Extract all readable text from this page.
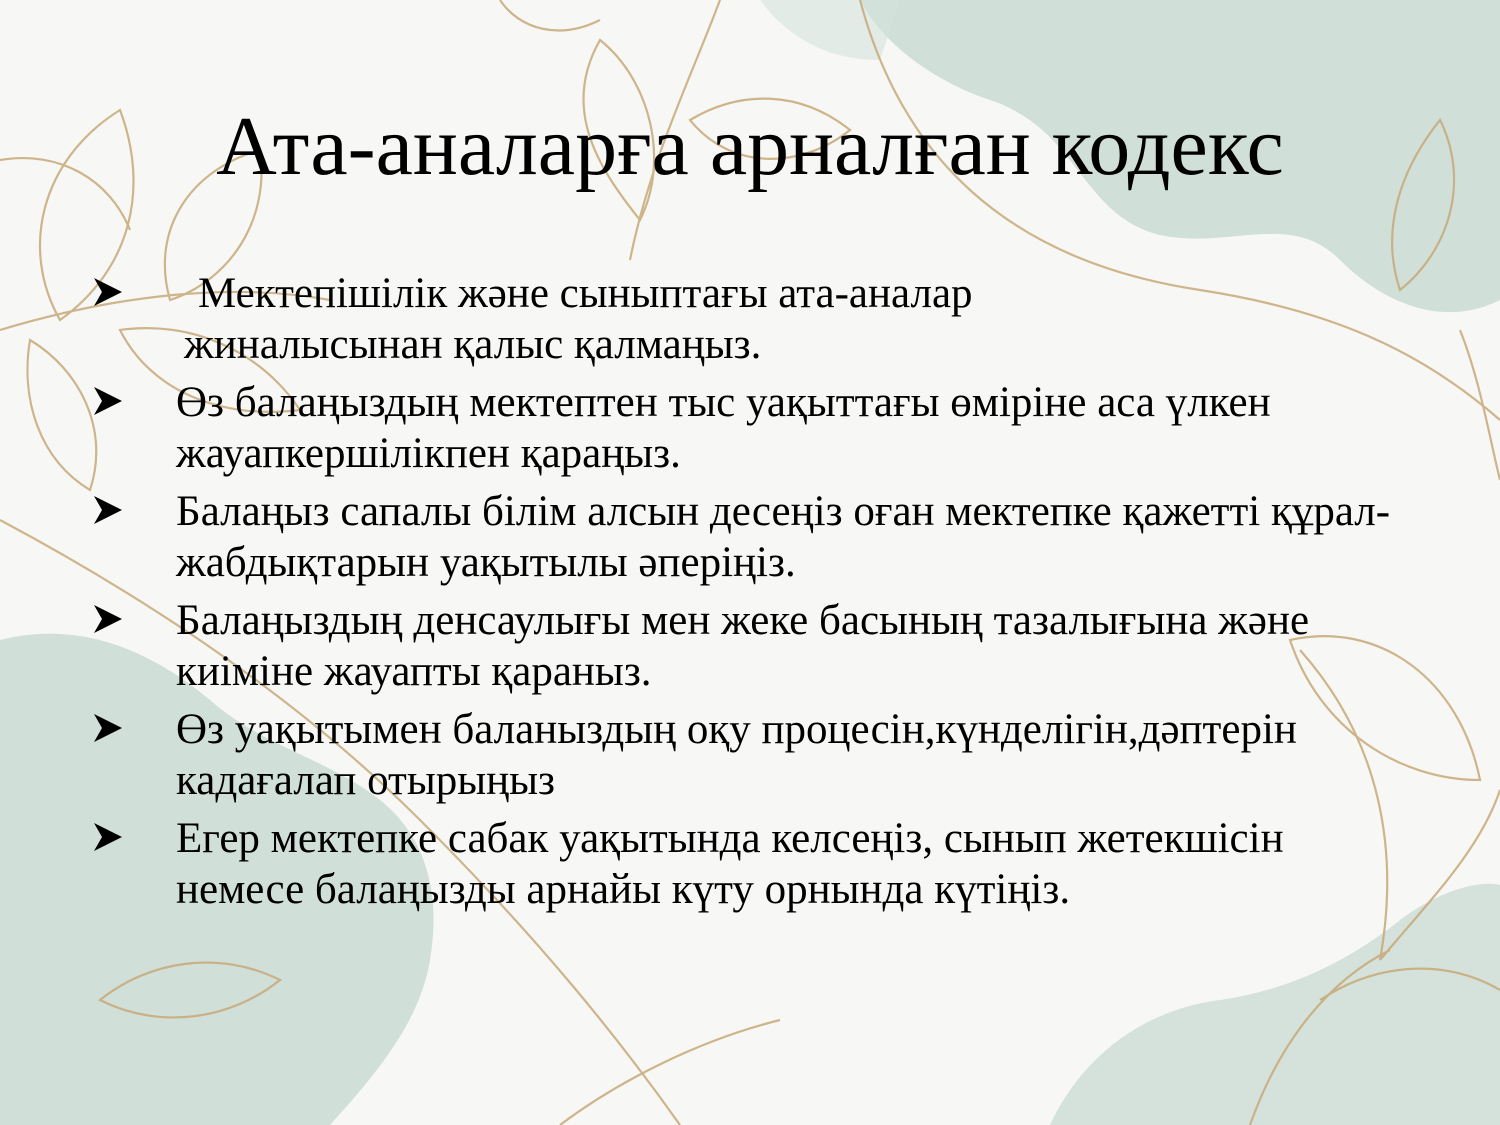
Ата-аналарға арналған кодекс
Мектепішілік және сыныптағы ата-аналар
жиналысынан қалыс қалмаңыз.
Өз балаңыздың мектептен тыс уақыттағы өміріне аса үлкен жауапкершілікпен қараңыз.
Балаңыз сапалы білім алсын десеңіз оған мектепке қажетті құрал-жабдықтарын уақытылы әперіңіз.
Балаңыздың денсаулығы мен жеке басының тазалығына және киіміне жауапты қараныз.
Өз уақытымен баланыздың оқу процесін,күнделігін,дәптерін кадағалап отырыңыз
Егер мектепке сабак уақытында келсеңіз, сынып жетекшісін немесе балаңызды арнайы күту орнында күтіңіз.
